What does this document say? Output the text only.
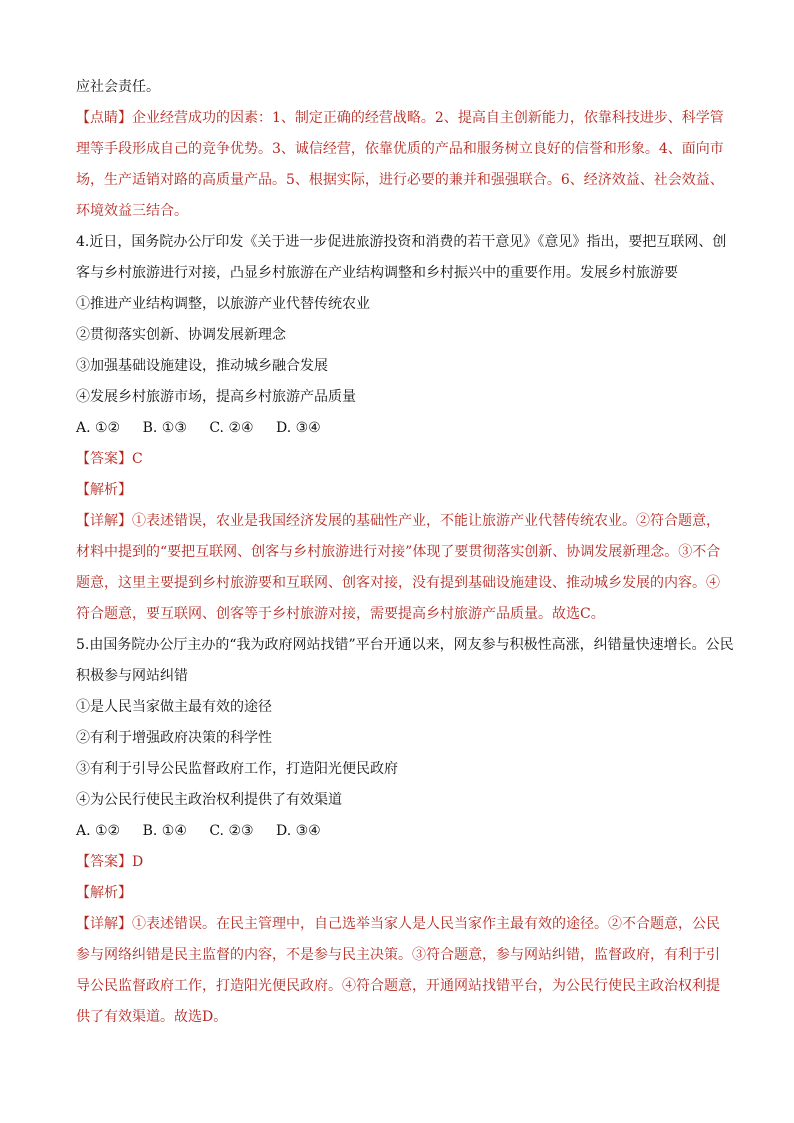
应社会责任。
【点睛】企业经营成功的因素：1、制定正确的经营战略。2、提高自主创新能力，依靠科技进步、科学管
理等手段形成自己的竞争优势。3、诚信经营，依靠优质的产品和服务树立良好的信誉和形象。4、面向市
场，生产适销对路的高质量产品。5、根据实际，进行必要的兼并和强强联合。6、经济效益、社会效益、
环境效益三结合。
4.近日，国务院办公厅印发《关于进一步促进旅游投资和消费的若干意见》《意见》指出，要把互联网、创
客与乡村旅游进行对接，凸显乡村旅游在产业结构调整和乡村振兴中的重要作用。发展乡村旅游要
①推进产业结构调整，以旅游产业代替传统农业
②贯彻落实创新、协调发展新理念
③加强基础设施建设，推动城乡融合发展
④发展乡村旅游市场，提高乡村旅游产品质量
A. ①② B. ①③ C. ②④ D. ③④
【答案】C
【解析】
【详解】①表述错误，农业是我国经济发展的基础性产业，不能让旅游产业代替传统农业。②符合题意，
材料中提到的“要把互联网、创客与乡村旅游进行对接”体现了要贯彻落实创新、协调发展新理念。③不合
题意，这里主要提到乡村旅游要和互联网、创客对接，没有提到基础设施建设、推动城乡发展的内容。④
符合题意，要互联网、创客等于乡村旅游对接，需要提高乡村旅游产品质量。故选C。
5.由国务院办公厅主办的“我为政府网站找错”平台开通以来，网友参与积极性高涨，纠错量快速增长。公民
积极参与网站纠错
①是人民当家做主最有效的途径
②有利于增强政府决策的科学性
③有利于引导公民监督政府工作，打造阳光便民政府
④为公民行使民主政治权利提供了有效渠道
A. ①② B. ①④ C. ②③ D. ③④
【答案】D
【解析】
【详解】①表述错误。在民主管理中，自己选举当家人是人民当家作主最有效的途径。②不合题意，公民
参与网络纠错是民主监督的内容，不是参与民主决策。③符合题意，参与网站纠错，监督政府，有利于引
导公民监督政府工作，打造阳光便民政府。④符合题意，开通网站找错平台，为公民行使民主政治权利提
供了有效渠道。故选D。
